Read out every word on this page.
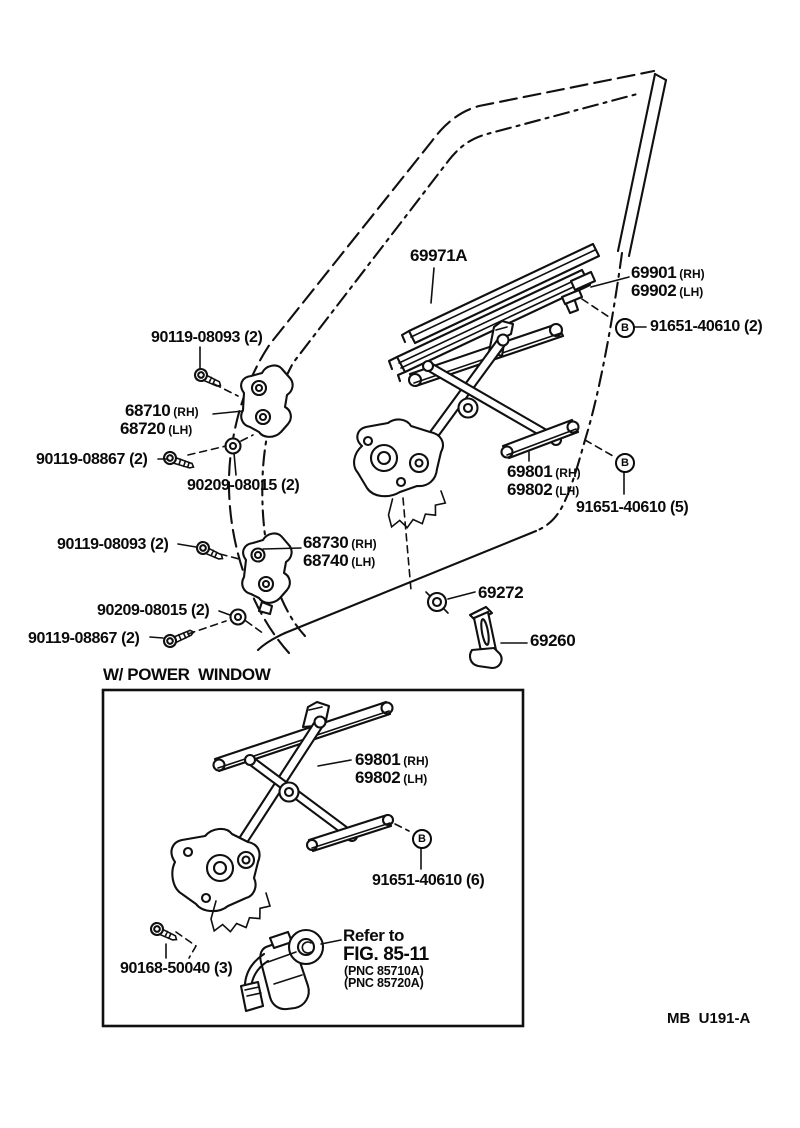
B
B
B
69971A
69901 (RH)
69902 (LH)
91651-40610 (2)
90119-08093 (2)
68710 (RH)
68720 (LH)
90119-08867 (2)
90209-08015 (2)
90119-08093 (2)	68730 (RH)
68740 (LH)
90209-08015 (2)
90119-08867 (2)
69801 (RH)
69802 (LH)
91651-40610 (5)
69272
69260
W/ POWER  WINDOW
69801 (RH)
69802 (LH)
91651-40610 (6)
90168-50040 (3)
Refer to
FIG. 85-11
(PNC 85710A)
(PNC 85720A)
MB  U191-A
